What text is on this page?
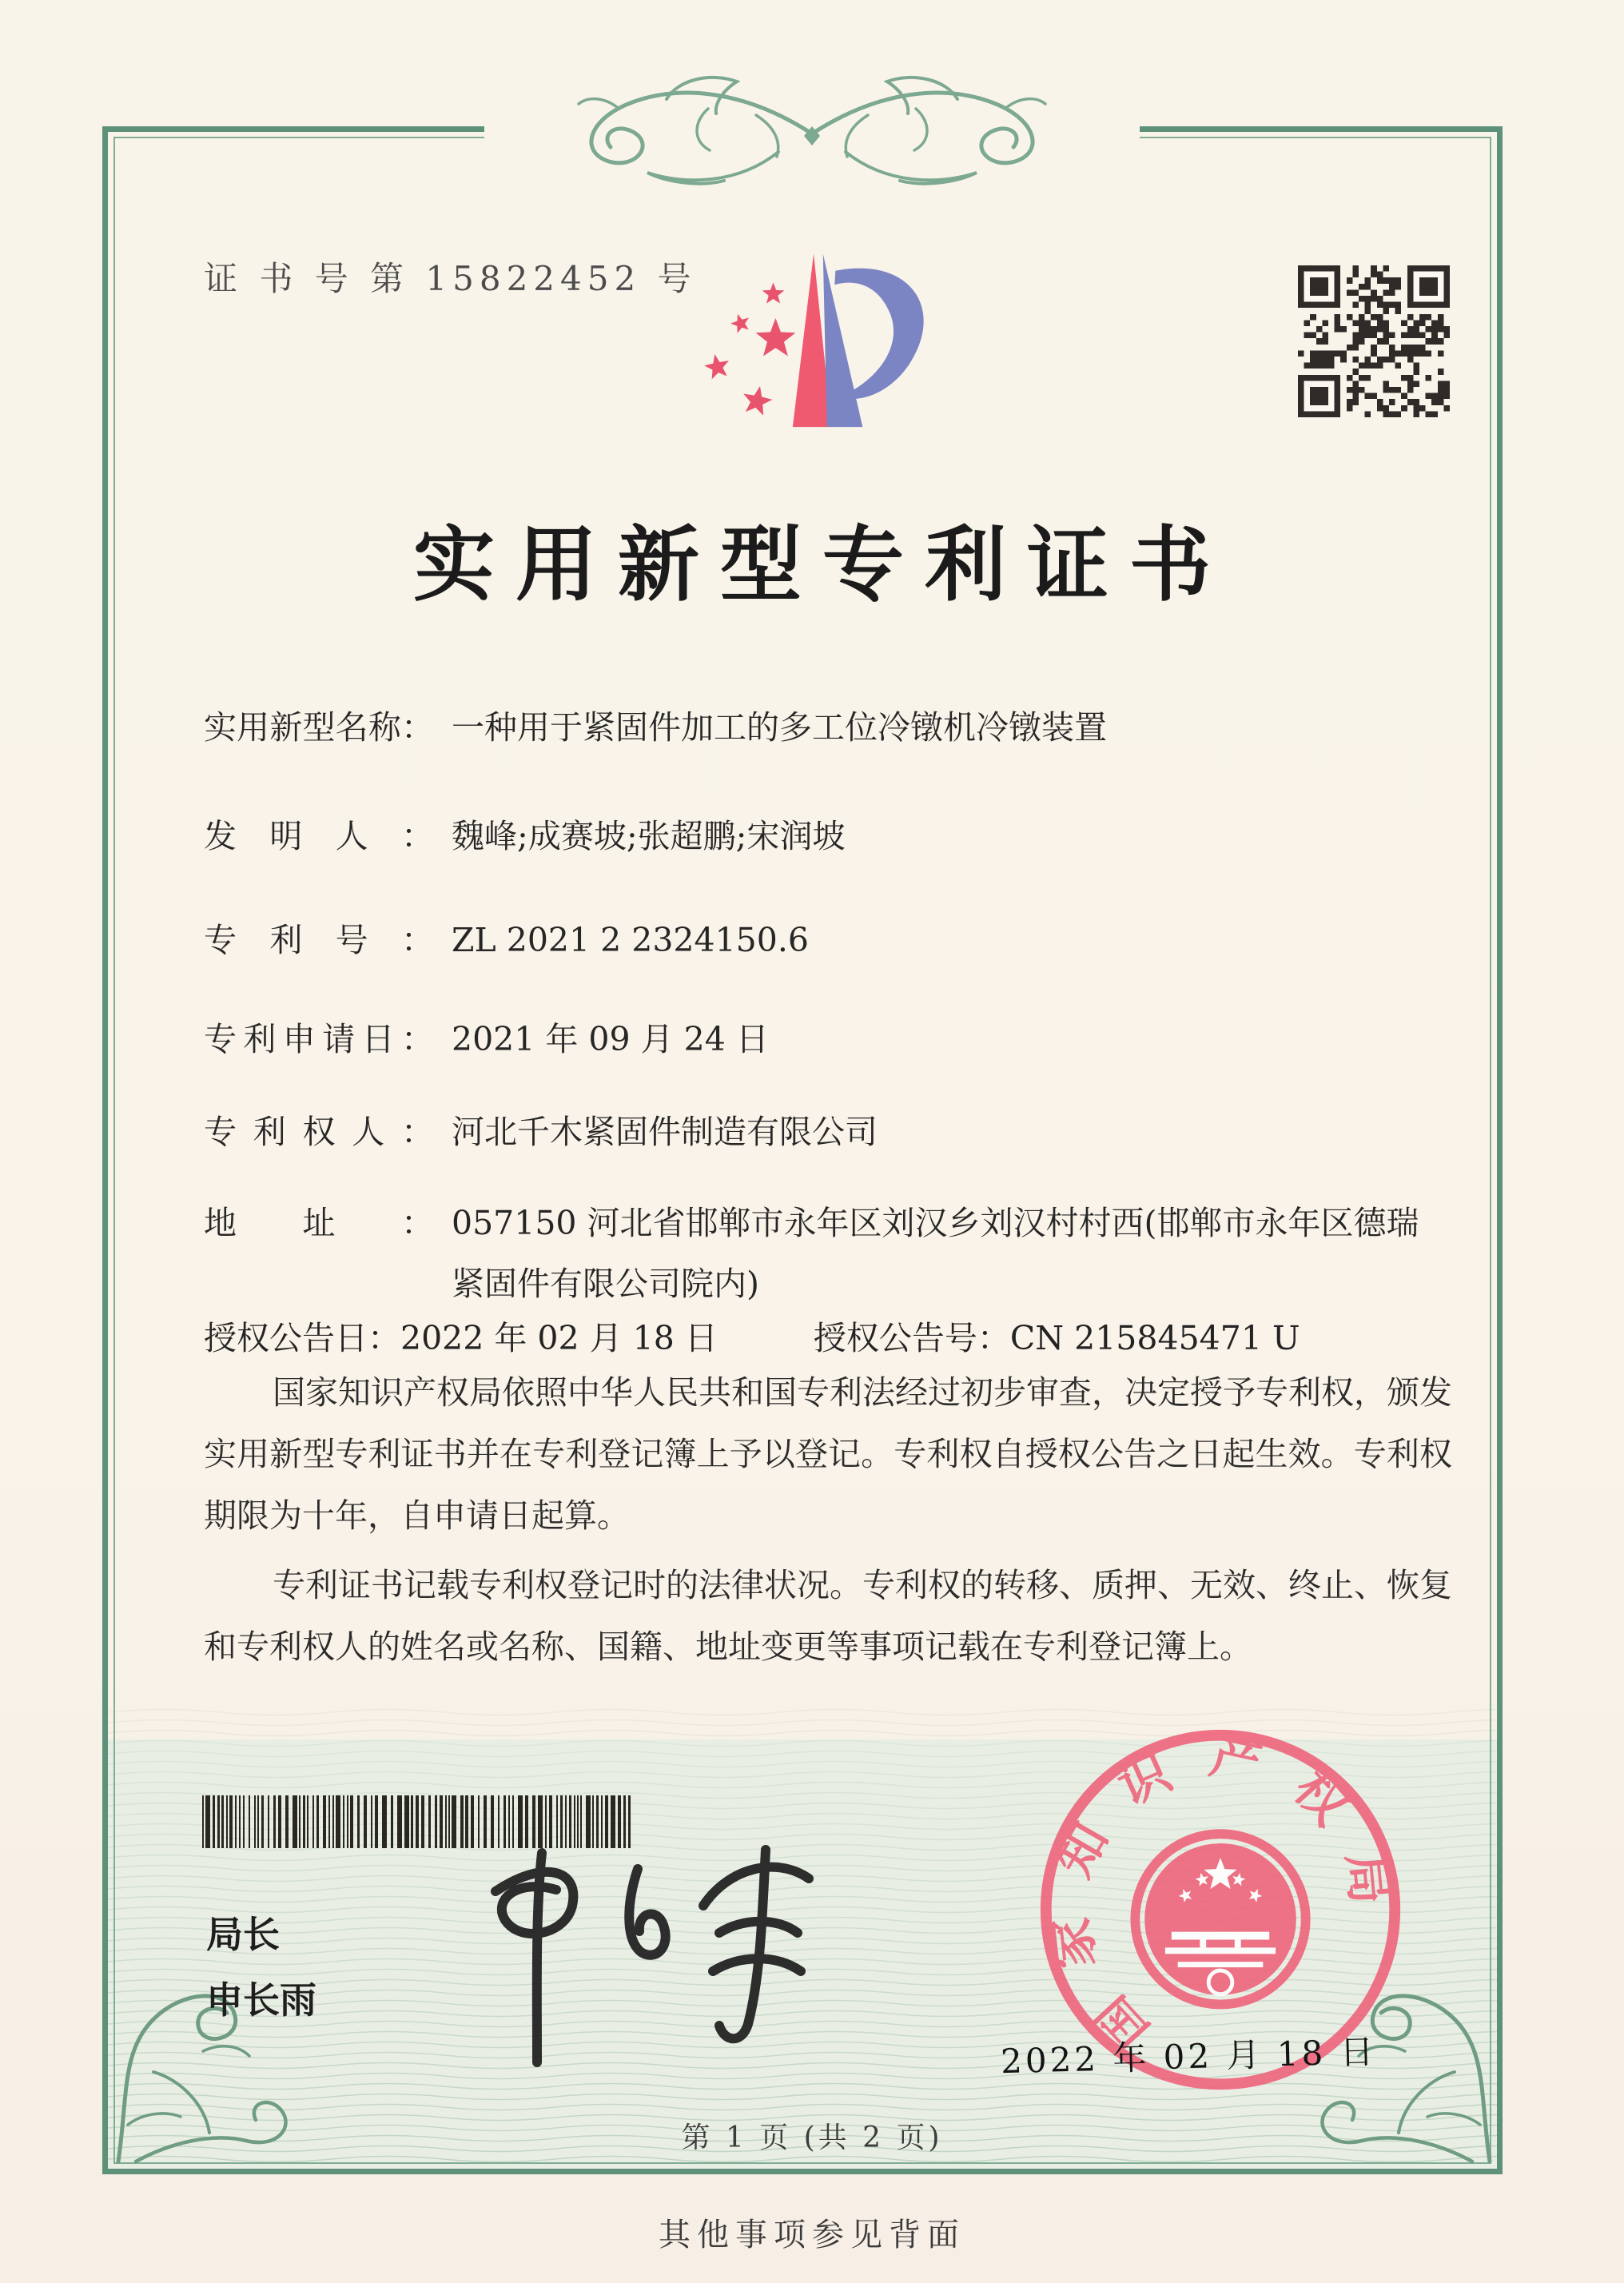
证 书 号 第 15822452 号
实用新型专利证书
实用新型名称： 一种用于紧固件加工的多工位冷镦机冷镦装置
发明人： 魏峰;成赛坡;张超鹏;宋润坡
专利号： ZL 2021 2 2324150.6
专利申请日： 2021 年 09 月 24 日
专利权人： 河北千木紧固件制造有限公司
地址： 057150 河北省邯郸市永年区刘汉乡刘汉村村西(邯郸市永年区德瑞紧固件有限公司院内)
授权公告日： 2022 年 02 月 18 日	授权公告号： CN 215845471 U

国家知识产权局依照中华人民共和国专利法经过初步审查，决定授予专利权，颁发实用新型专利证书并在专利登记簿上予以登记。专利权自授权公告之日起生效。专利权期限为十年，自申请日起算。

专利证书记载专利权登记时的法律状况。专利权的转移、质押、无效、终止、恢复和专利权人的姓名或名称、国籍、地址变更等事项记载在专利登记簿上。

局长
申长雨	国家知识产权局
2022 年 02 月 18 日
第 1 页 (共 2 页)
其他事项参见背面
